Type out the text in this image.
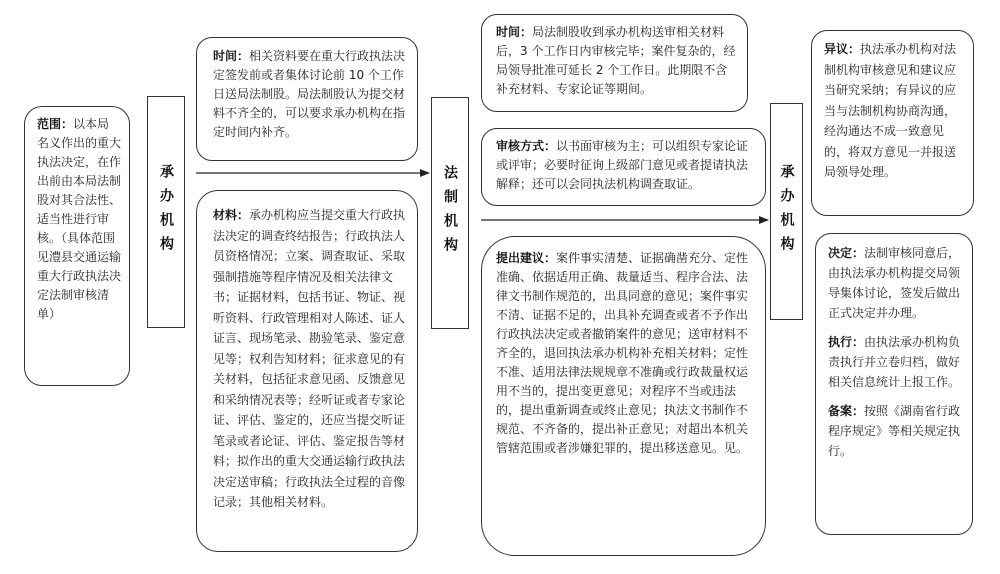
范围：以本局名义作出的重大执法决定，在作出前由本局法制股对其合法性、适当性进行审核。（具体范围见澧县交通运输重大行政执法决定法制审核清单）

承办机构

时间：相关资料要在重大行政执法决定签发前或者集体讨论前 10 个工作日送局法制股。局法制股认为提交材料不齐全的，可以要求承办机构在指定时间内补齐。

材料：承办机构应当提交重大行政执法决定的调查终结报告；行政执法人员资格情况；立案、调查取证、采取强制措施等程序情况及相关法律文书；证据材料，包括书证、物证、视听资料、行政管理相对人陈述、证人证言、现场笔录、勘验笔录、鉴定意见等；权利告知材料；征求意见的有关材料，包括征求意见函、反馈意见和采纳情况表等；经听证或者专家论证、评估、鉴定的，还应当提交听证笔录或者论证、评估、鉴定报告等材料；拟作出的重大交通运输行政执法决定送审稿；行政执法全过程的音像记录；其他相关材料。

法制机构

时间：局法制股收到承办机构送审相关材料后，3 个工作日内审核完毕；案件复杂的，经局领导批准可延长 2 个工作日。此期限不含补充材料、专家论证等期间。

审核方式：以书面审核为主；可以组织专家论证或评审；必要时征询上级部门意见或者提请执法解释；还可以会同执法机构调查取证。

提出建议：案件事实清楚、证据确凿充分、定性准确、依据适用正确、裁量适当、程序合法、法律文书制作规范的，出具同意的意见；案件事实不清、证据不足的，出具补充调查或者不予作出行政执法决定或者撤销案件的意见；送审材料不齐全的，退回执法承办机构补充相关材料；定性不准、适用法律法规规章不准确或行政裁量权运用不当的，提出变更意见；对程序不当或违法的，提出重新调查或终止意见；执法文书制作不规范、不齐备的，提出补正意见；对超出本机关管辖范围或者涉嫌犯罪的，提出移送意见。见。

承办机构

异议：执法承办机构对法制机构审核意见和建议应当研究采纳；有异议的应当与法制机构协商沟通，经沟通达不成一致意见的，将双方意见一并报送局领导处理。

决定：法制审核同意后，由执法承办机构提交局领导集体讨论，签发后做出正式决定并办理。

执行：由执法承办机构负责执行并立卷归档，做好相关信息统计上报工作。

备案：按照《湖南省行政程序规定》等相关规定执行。
